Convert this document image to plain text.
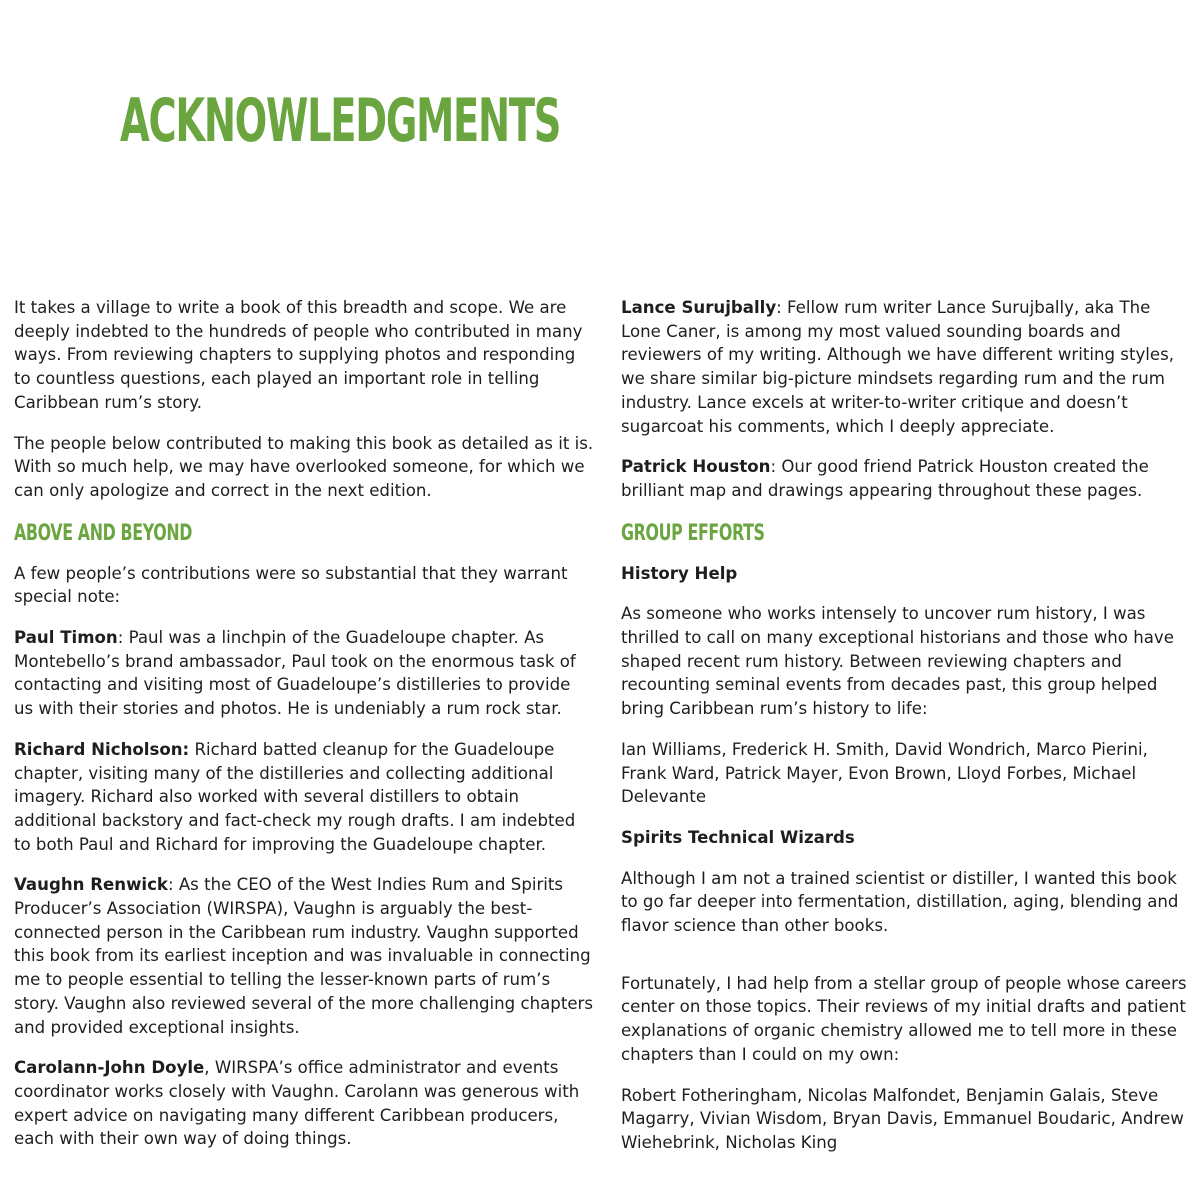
ACKNOWLEDGMENTS

It takes a village to write a book of this breadth and scope. We are deeply indebted to the hundreds of people who contributed in many ways. From reviewing chapters to supplying photos and responding to countless questions, each played an important role in telling Caribbean rum’s story.

The people below contributed to making this book as detailed as it is. With so much help, we may have overlooked someone, for which we can only apologize and correct in the next edition.

ABOVE AND BEYOND

A few people’s contributions were so substantial that they warrant special note:

Paul Timon: Paul was a linchpin of the Guadeloupe chapter. As Montebello’s brand ambassador, Paul took on the enormous task of contacting and visiting most of Guadeloupe’s distilleries to provide us with their stories and photos. He is undeniably a rum rock star.

Richard Nicholson: Richard batted cleanup for the Guadeloupe chapter, visiting many of the distilleries and collecting additional imagery. Richard also worked with several distillers to obtain additional backstory and fact-check my rough drafts. I am indebted to both Paul and Richard for improving the Guadeloupe chapter.

Vaughn Renwick: As the CEO of the West Indies Rum and Spirits Producer’s Association (WIRSPA), Vaughn is arguably the best-connected person in the Caribbean rum industry. Vaughn supported this book from its earliest inception and was invaluable in connecting me to people essential to telling the lesser-known parts of rum’s story. Vaughn also reviewed several of the more challenging chapters and provided exceptional insights.

Carolann-John Doyle, WIRSPA’s office administrator and events coordinator works closely with Vaughn. Carolann was generous with expert advice on navigating many different Caribbean producers, each with their own way of doing things.

Lance Surujbally: Fellow rum writer Lance Surujbally, aka The Lone Caner, is among my most valued sounding boards and reviewers of my writing. Although we have different writing styles, we share similar big-picture mindsets regarding rum and the rum industry. Lance excels at writer-to-writer critique and doesn’t sugarcoat his comments, which I deeply appreciate.

Patrick Houston: Our good friend Patrick Houston created the brilliant map and drawings appearing throughout these pages.

GROUP EFFORTS
History Help

As someone who works intensely to uncover rum history, I was thrilled to call on many exceptional historians and those who have shaped recent rum history. Between reviewing chapters and recounting seminal events from decades past, this group helped bring Caribbean rum’s history to life:

Ian Williams, Frederick H. Smith, David Wondrich, Marco Pierini, Frank Ward, Patrick Mayer, Evon Brown, Lloyd Forbes, Michael Delevante

Spirits Technical Wizards

Although I am not a trained scientist or distiller, I wanted this book to go far deeper into fermentation, distillation, aging, blending and flavor science than other books.

Fortunately, I had help from a stellar group of people whose careers center on those topics. Their reviews of my initial drafts and patient explanations of organic chemistry allowed me to tell more in these chapters than I could on my own:

Robert Fotheringham, Nicolas Malfondet, Benjamin Galais, Steve Magarry, Vivian Wisdom, Bryan Davis, Emmanuel Boudaric, Andrew Wiehebrink, Nicholas King
